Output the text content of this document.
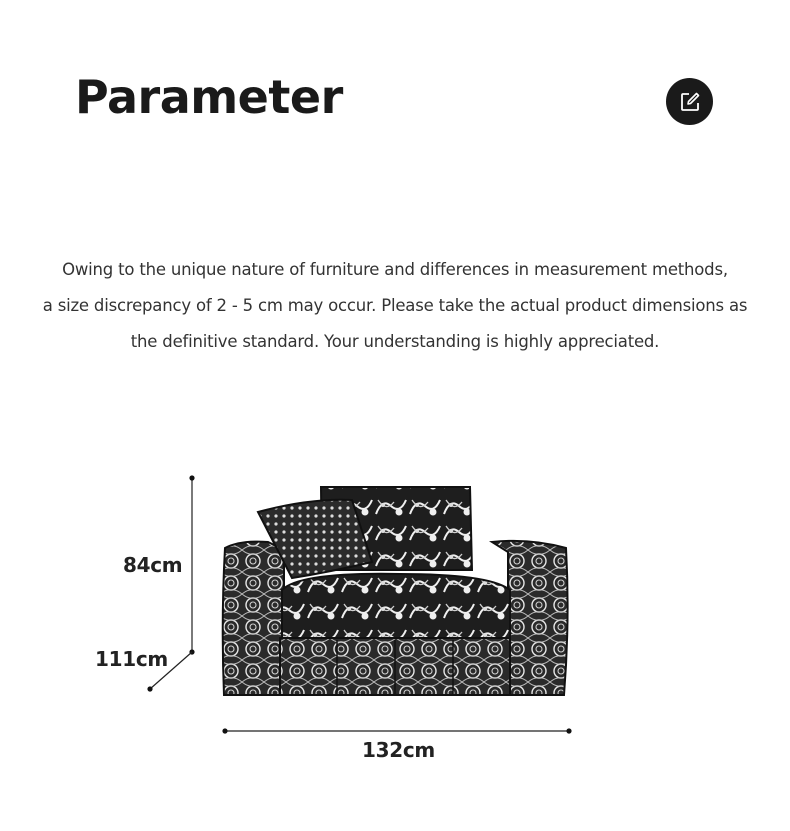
Parameter
Owing to the unique nature of furniture and differences in measurement methods,
a size discrepancy of 2 - 5 cm may occur. Please take the actual product dimensions as
the definitive standard. Your understanding is highly appreciated.
84cm
111cm
132cm
